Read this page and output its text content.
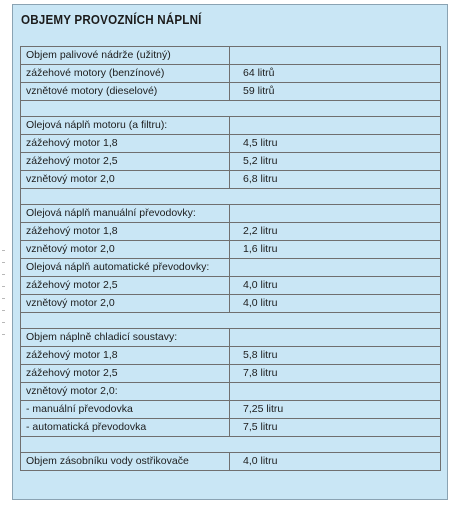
OBJEMY PROVOZNÍCH NÁPLNÍ
Objem palivové nádrže (užitný)	
zážehové motory (benzínové)	64 litrů
vznětové motory (dieselové)	59 litrů

Olejová náplň motoru (a filtru):	
zážehový motor 1,8	4,5 litru
zážehový motor 2,5	5,2 litru
vznětový motor 2,0	6,8 litru

Olejová náplň manuální převodovky:	
zážehový motor 1,8	2,2 litru
vznětový motor 2,0	1,6 litru
Olejová náplň automatické převodovky:	
zážehový motor 2,5	4,0 litru
vznětový motor 2,0	4,0 litru

Objem náplně chladicí soustavy:	
zážehový motor 1,8	5,8 litru
zážehový motor 2,5	7,8 litru
vznětový motor 2,0:	
- manuální převodovka	7,25 litru
- automatická převodovka	7,5 litru

Objem zásobníku vody ostřikovače	4,0 litru
